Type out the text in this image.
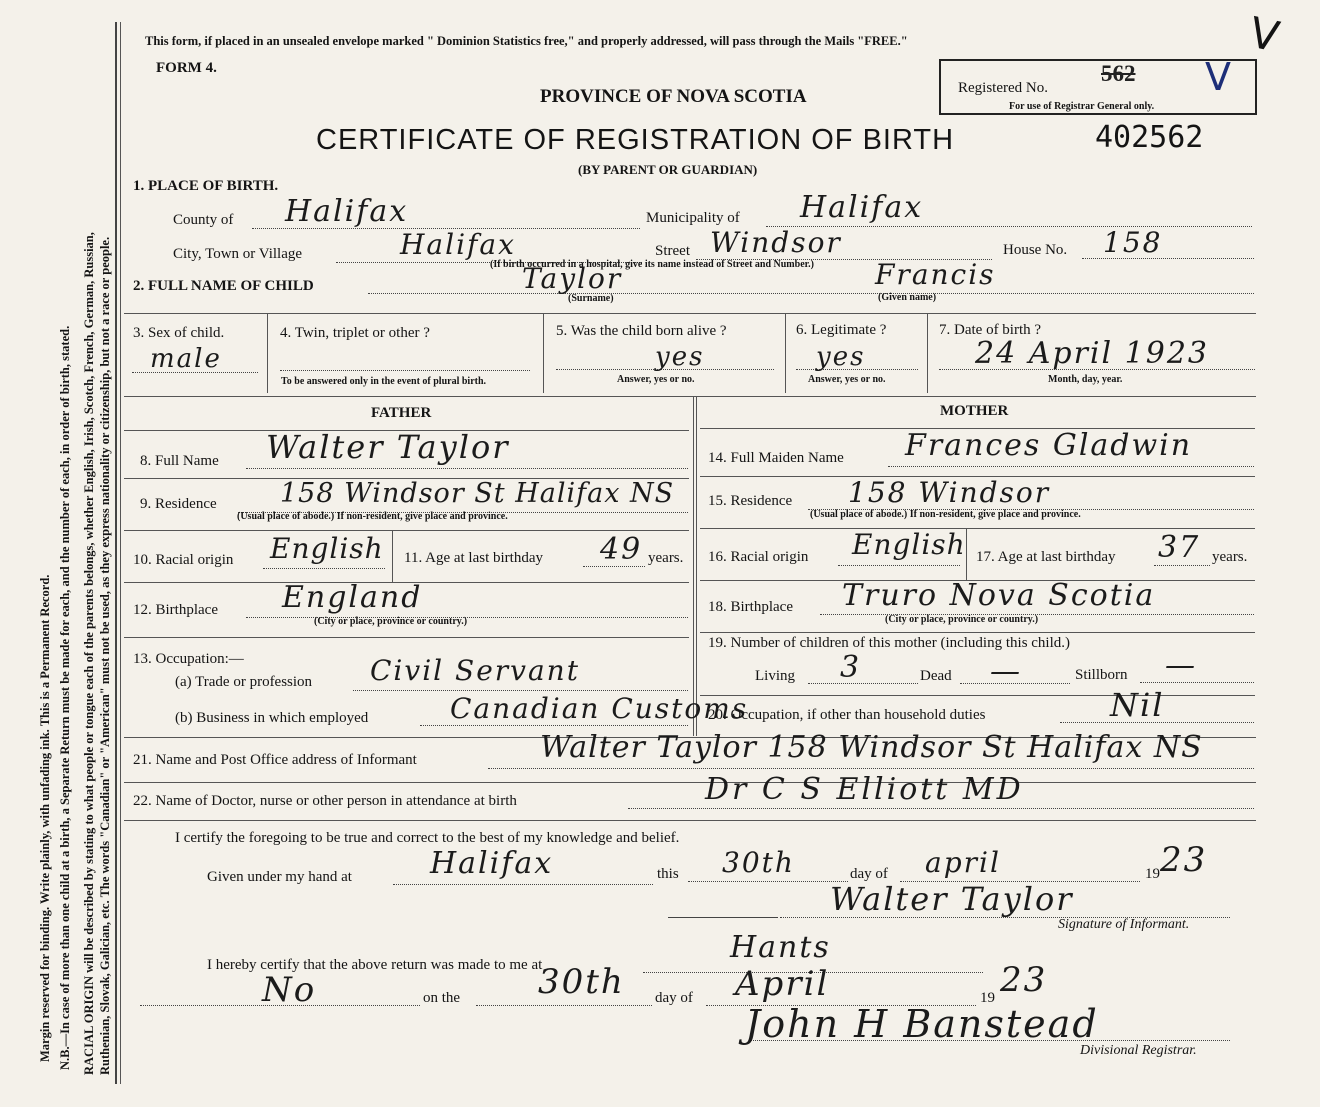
Margin reserved for binding. Write plainly, with unfading ink. This is a Permanent Record. N.B.—In case of more than one child at a birth, a Separate Return must be made for each, and the number of each, in order of birth, stated. RACIAL ORIGIN will be described by stating to what people or tongue each of the parents belongs, whether English, Irish, Scotch, French, German, Russian, Ruthenian, Slovak, Galician, etc. The words "Canadian" or "American" must not be used, as they express nationality or citizenship, but not a race or people.
This form, if placed in an unsealed envelope marked " Dominion Statistics free," and properly addressed, will pass through the Mails "FREE."
FORM 4.
PROVINCE OF NOVA SCOTIA
CERTIFICATE OF REGISTRATION OF BIRTH
(BY PARENT OR GUARDIAN)
Registered No.
For use of Registrar General only.
562 V
V
402562
1. PLACE OF BIRTH.
County of Halifax	Municipality of Halifax
City, Town or Village	Halifax	Street Windsor
(If birth occurred in a hospital, give its name instead of Street and Number.)
House No. 158
2. FULL NAME OF CHILD	Taylor
(Surname)
Francis
(Given name)
3. Sex of child.
male
4. Twin, triplet or other ?
To be answered only in the event of plural birth.
5. Was the child born alive ?
yes
Answer, yes or no.
6. Legitimate ?
yes
Answer, yes or no.
7. Date of birth ?
24 April 1923
Month, day, year.
FATHER	MOTHER
8. Full Name Walter Taylor
9. Residence 158 Windsor St Halifax NS
(Usual place of abode.) If non-resident, give place and province.
10. Racial origin English 11. Age at last birthday 49 years.
12. Birthplace England
(City or place, province or country.)
13. Occupation:—
(a) Trade or profession Civil Servant
(b) Business in which employed	Canadian Customs
14. Full Maiden Name Frances Gladwin
15. Residence 158 Windsor
(Usual place of abode.) If non-resident, give place and province.
16. Racial origin English 17. Age at last birthday 37 years.
18. Birthplace Truro Nova Scotia
(City or place, province or country.)
19. Number of children of this mother (including this child.)
Living 3	Dead —	Stillborn —
20. Occupation, if other than household duties	Nil
21. Name and Post Office address of Informant	Walter Taylor 158 Windsor St Halifax NS
22. Name of Doctor, nurse or other person in attendance at birth	Dr C S Elliott MD
I certify the foregoing to be true and correct to the best of my knowledge and belief.
Given under my hand at	Halifax	this 30th	day of april	19 23
Walter Taylor
Signature of Informant.
I hereby certify that the above return was made to me at	Hants
No	on the 30th day of April	19 23
John H Banstead
Divisional Registrar.
